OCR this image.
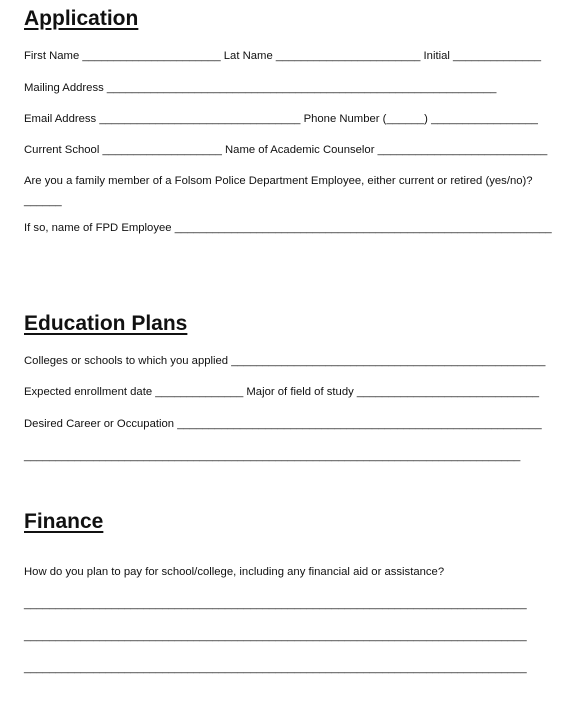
Application
First Name ______________________ Lat Name _______________________ Initial ______________
Mailing Address ______________________________________________________________
Email Address ________________________________ Phone Number (______) _________________
Current School ___________________ Name of Academic Counselor ___________________________
Are you a family member of a Folsom Police Department Employee, either current or retired (yes/no)?
______
If so, name of FPD Employee ____________________________________________________________
Education Plans
Colleges or schools to which you applied __________________________________________________
Expected enrollment date ______________ Major of field of study _____________________________
Desired Career or Occupation __________________________________________________________
_______________________________________________________________________________
Finance
How do you plan to pay for school/college, including any financial aid or assistance?
________________________________________________________________________________
________________________________________________________________________________
________________________________________________________________________________
